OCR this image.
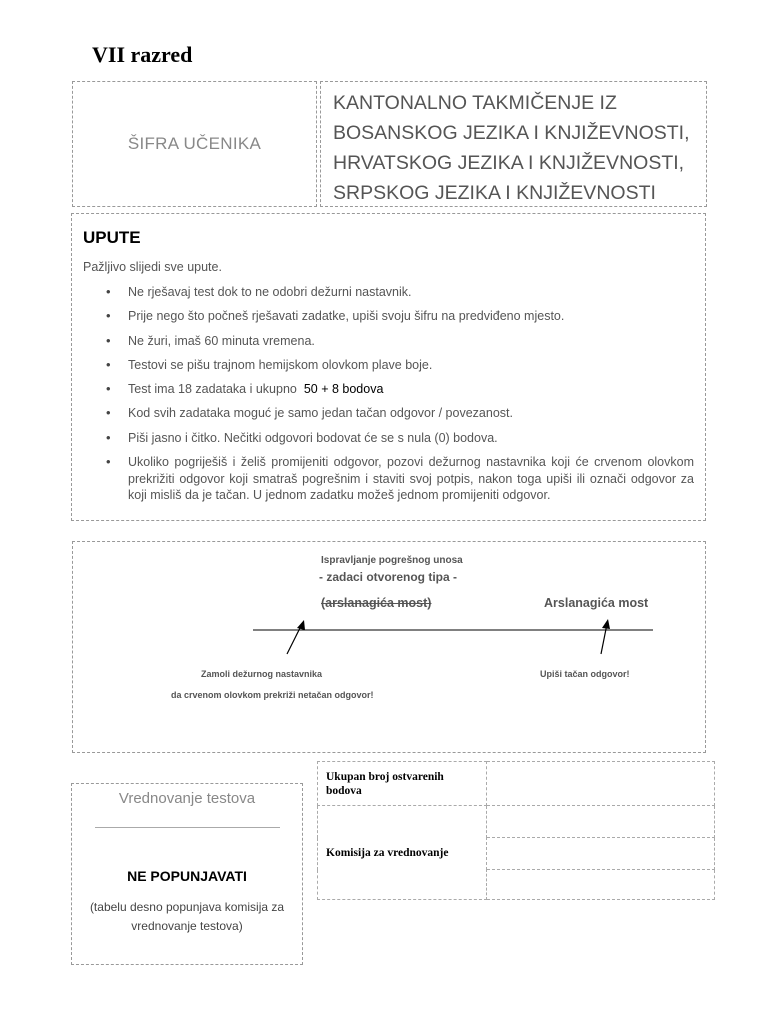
VII razred
ŠIFRA UČENIKA
KANTONALNO TAKMIČENJE IZ
BOSANSKOG JEZIKA I KNJIŽEVNOSTI,
HRVATSKOG JEZIKA I KNJIŽEVNOSTI,
SRPSKOG JEZIKA I KNJIŽEVNOSTI
UPUTE
Pažljivo slijedi sve upute.
• Ne rješavaj test dok to ne odobri dežurni nastavnik.
• Prije nego što počneš rješavati zadatke, upiši svoju šifru na predviđeno mjesto.
• Ne žuri, imaš 60 minuta vremena.
• Testovi se pišu trajnom hemijskom olovkom plave boje.
• Test ima 18 zadataka i ukupno 50 + 8 bodova
• Kod svih zadataka moguć je samo jedan tačan odgovor / povezanost.
• Piši jasno i čitko. Nečitki odgovori bodovat će se s nula (0) bodova.
• Ukoliko pogriješiš i želiš promijeniti odgovor, pozovi dežurnog nastavnika koji će crvenom olovkom prekrižiti odgovor koji smatraš pogrešnim i staviti svoj potpis, nakon toga upiši ili označi odgovor za koji misliš da je tačan. U jednom zadatku možeš jednom promijeniti odgovor.
Ispravljanje pogrešnog unosa
- zadaci otvorenog tipa -
(arslanagića most)	Arslanagića most
Zamoli dežurnog nastavnika
da crvenom olovkom prekriži netačan odgovor!
Upiši tačan odgovor!
Vrednovanje testova
NE POPUNJAVATI
(tabelu desno popunjava komisija za vrednovanje testova)
Ukupan broj ostvarenih bodova	
Komisija za vrednovanje	
